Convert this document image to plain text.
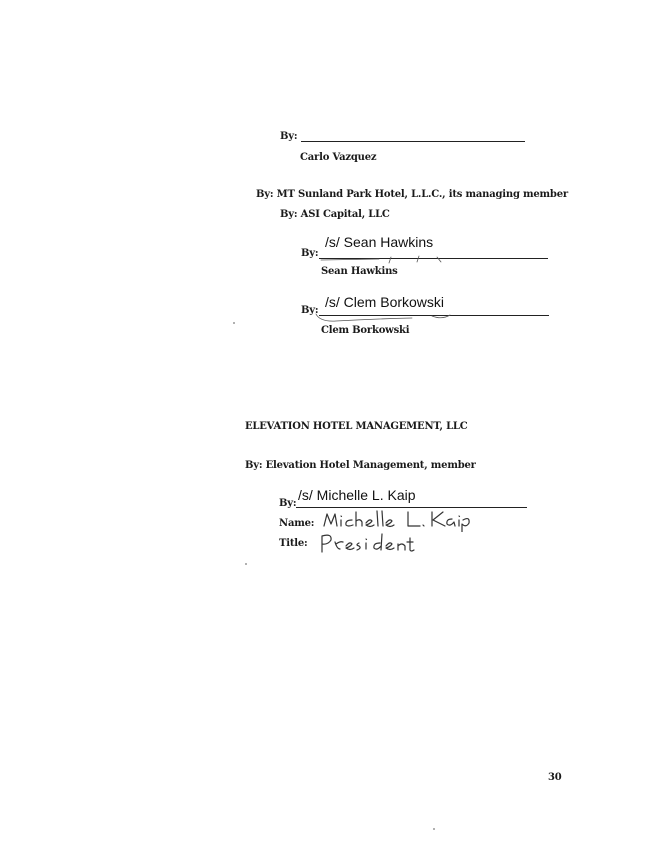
By:
Carlo Vazquez
By: MT Sunland Park Hotel, L.L.C., its managing member
By: ASI Capital, LLC
/s/ Sean Hawkins
By:
Sean Hawkins
/s/ Clem Borkowski
By:
Clem Borkowski
ELEVATION HOTEL MANAGEMENT, LLC
By: Elevation Hotel Management, member
/s/ Michelle L. Kaip
By:
Name:
Title:
30
